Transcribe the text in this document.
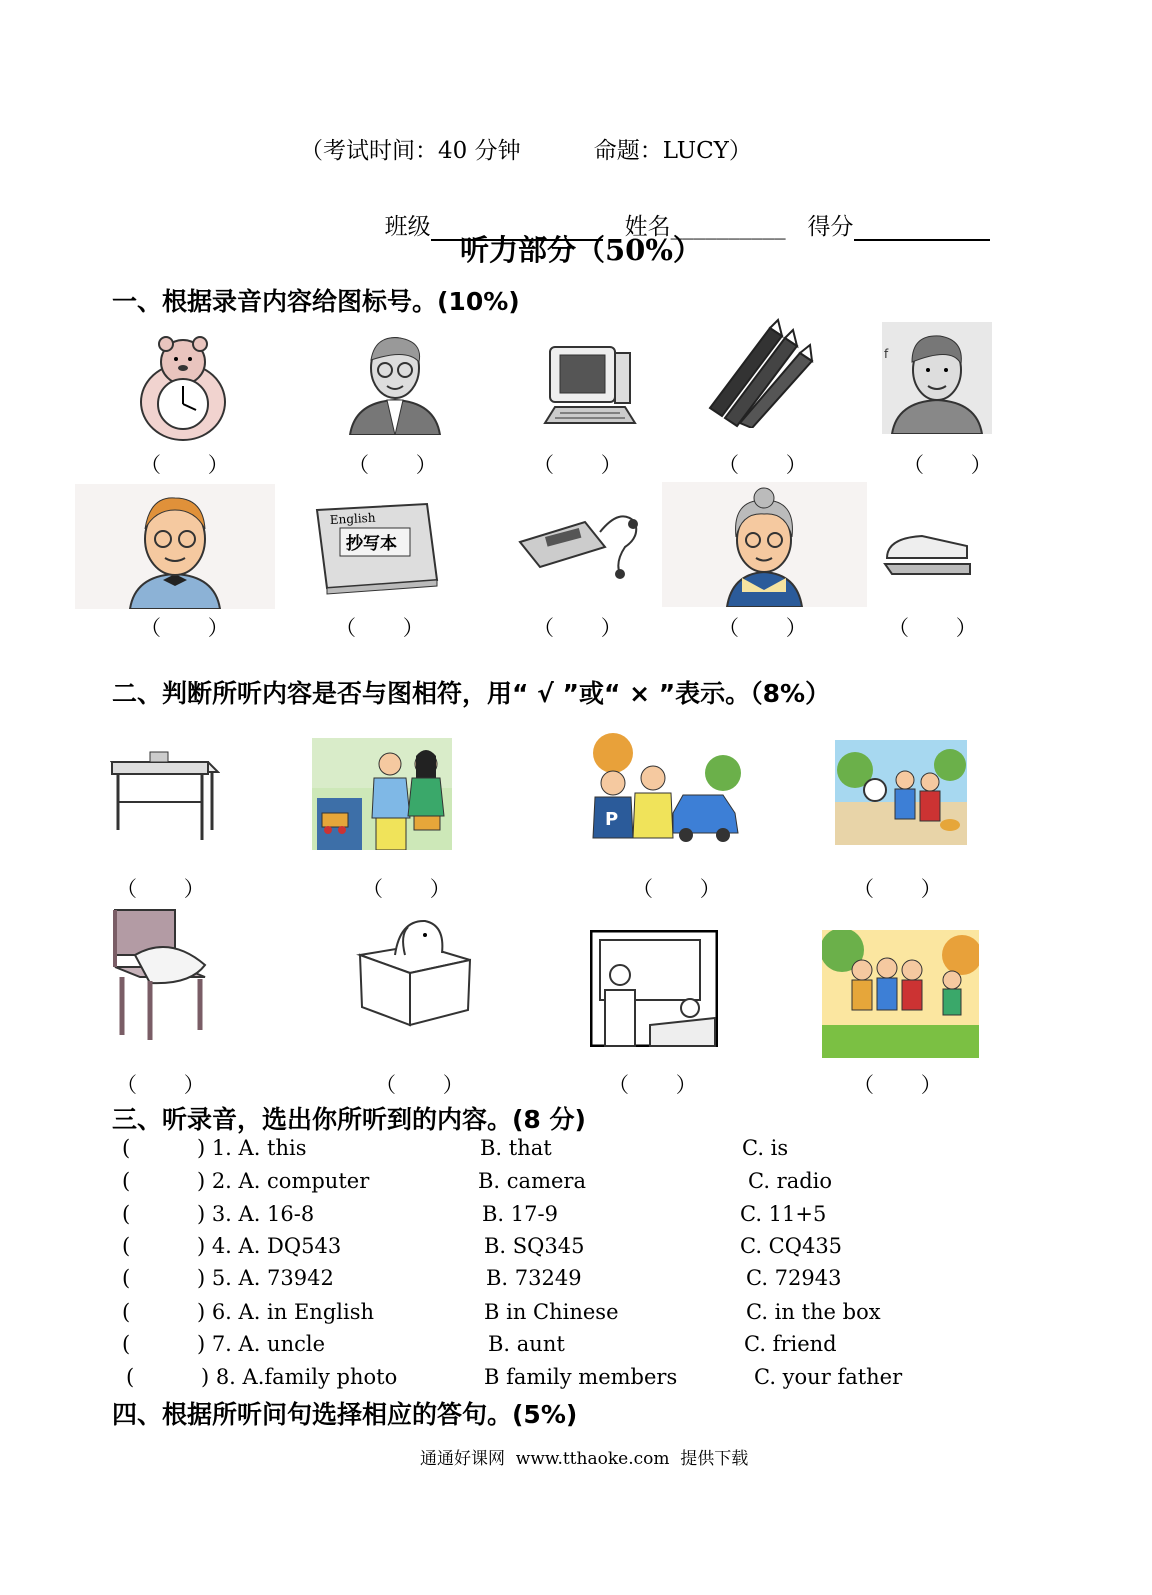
（考试时间：40 分钟          命题：LUCY）

班级	姓名__________ 得分

听力部分（50%）
一、根据录音内容给图标号。(10%)
f
（       ）	（       ）	（       ）	（       ）	（       ）
English
抄写本
（       ）	（       ）	（       ）	（       ）	（       ）
二、判断所听内容是否与图相符，用“ √ ”或“ × ”表示。（8%）
P
（       ）	（       ）	（       ）	（       ）
（       ）	（       ）	（       ）	（       ）
三、听录音，选出你所听到的内容。(8 分)

(          ) 1. A. this

	B. that

	C. is

(          ) 2. A. computer

	B. camera

	C. radio

(          ) 3. A. 16-8

	B. 17-9

	C. 11+5

(          ) 4. A. DQ543

	B. SQ345

	C. CQ435

(          ) 5. A. 73942

	B. 73249

	C. 72943

(          ) 6. A. in English

	B in Chinese

	C. in the box

(          ) 7. A. uncle

	B. aunt

	C. friend

(          ) 8. A.family photo

	B family members

	C. your father

四、根据所听问句选择相应的答句。(5%)
通通好课网  www.tthaoke.com  提供下载
